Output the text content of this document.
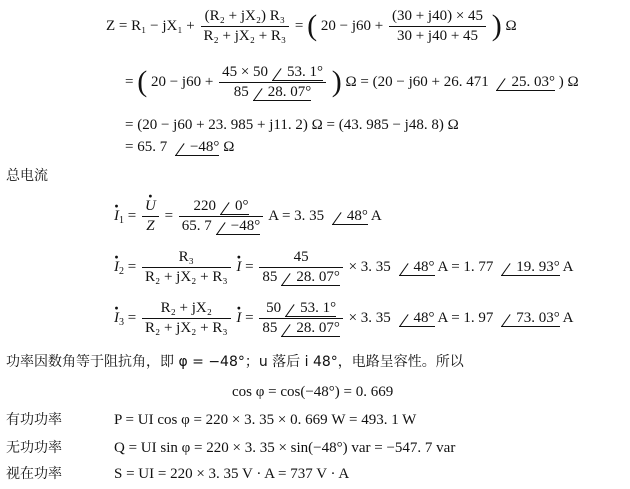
$Z = R_1 - jX_1 + \frac{\text{(R₂ + jX₂) R₃}}{\text{R₂ + jX₂ + R₃}}$ = ( $20 - j60 + \frac{(30 + j40) \times 45}{30 + j40 + 45}$ ) Ω
= ( $20 - j60 + \frac{45 \times 50 53. 1^\circ}{85 28. 07^\circ}$ ) Ω = (20 − j60 + 26. 471 25. 03° ) Ω
= (20 − j60 + 23. 985 + j11. 2) Ω = (43. 985 − j48. 8) Ω
= 65. 7 −48° Ω
总电流
$I \cdot_1 = \frac{U \cdot}{Z} = \frac{220 0^\circ}{65. 7 -48^\circ}$ A = 3. 35 48° A
$I \cdot_2 = \frac{\text{R₃}}{\text{R₂ + jX₂ + R₃}}$ I · = $\frac{45}{85 28. 07^\circ} \times 3$. 35 48° A = 1. 77 19. 93° A
$I \cdot_3 = \frac{\text{R₂ + jX₂}}{\text{R₂ + jX₂ + R₃}}$ I · = $\frac{50 53. 1^\circ}{85 28. 07^\circ} \times 3$. 35 48° A = 1. 97 73. 03° A
功率因数角等于阻抗角，即 φ = −48°；u 落后 i 48°，电路呈容性。所以
cos φ = cos(−48°) = 0. 669
有功功率	P = UI cos φ = 220 × 3. 35 × 0. 669 W = 493. 1 W
无功功率	Q = UI sin φ = 220 × 3. 35 × sin(−48°) var = −547. 7 var
视在功率	S = UI = 220 × 3. 35 V · A = 737 V · A
